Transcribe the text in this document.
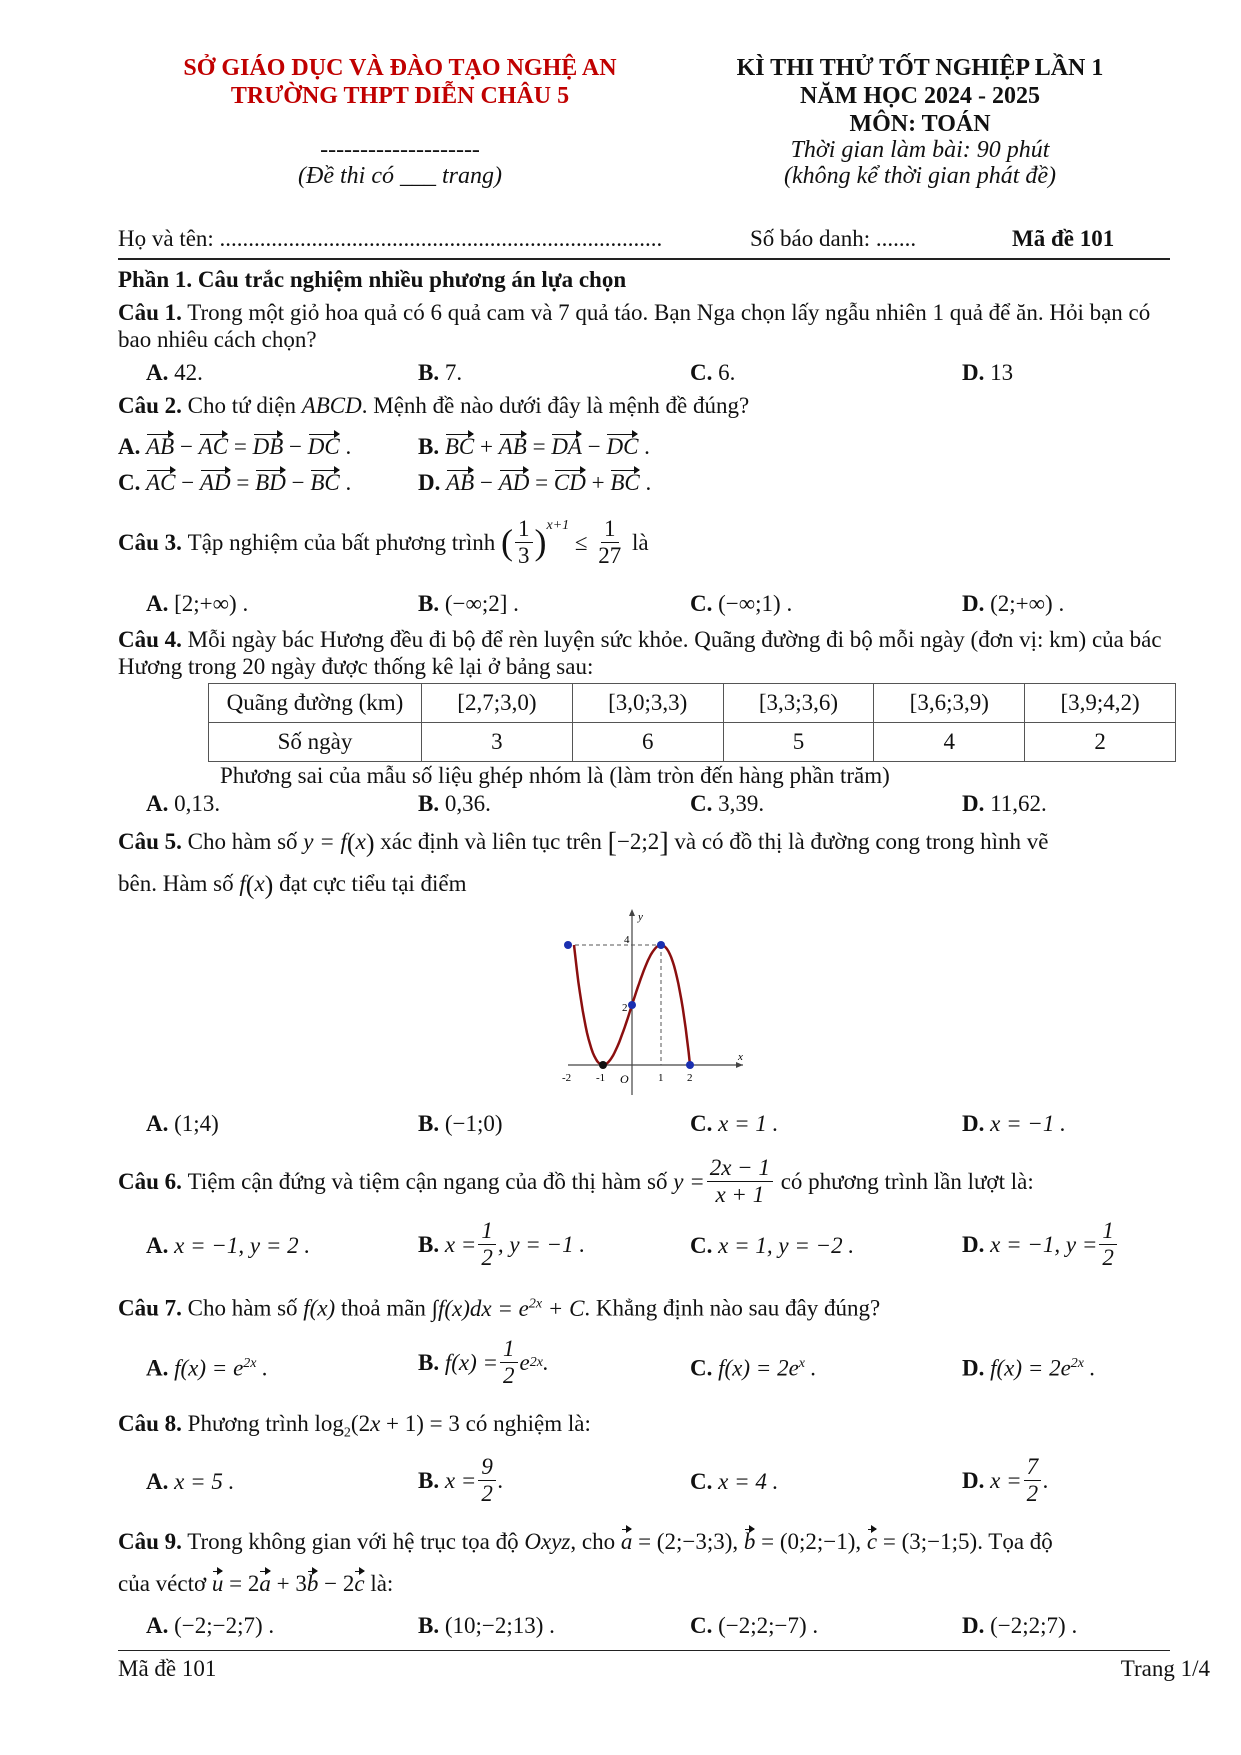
SỞ GIÁO DỤC VÀ ĐÀO TẠO NGHỆ AN
TRƯỜNG THPT DIỄN CHÂU 5
--------------------
(Đề thi có ___ trang)
KÌ THI THỬ TỐT NGHIỆP LẦN 1
NĂM HỌC 2024 - 2025
MÔN: TOÁN
Thời gian làm bài: 90 phút
(không kể thời gian phát đề)
Họ và tên: .............................................................................	Số báo danh: .......	Mã đề 101
Phần 1. Câu trắc nghiệm nhiều phương án lựa chọn
Câu 1. Trong một giỏ hoa quả có 6 quả cam và 7 quả táo. Bạn Nga chọn lấy ngẫu nhiên 1 quả để ăn. Hỏi bạn có bao nhiêu cách chọn?
A. 42.	B. 7.	C. 6.	D. 13
Câu 2. Cho tứ diện ABCD. Mệnh đề nào dưới đây là mệnh đề đúng?
A. AB − AC = DB − DC .	B. BC + AB = DA − DC .
C. AC − AD = BD − BC .	D. AB − AD = CD + BC .
Câu 3.
Tập nghiệm của bất phương trình
( $\frac{1}{3} )^{x+1}$
≤ $\frac{1}{27}$
là
A. [2;+∞) .	B. (−∞;2] .	C. (−∞;1) .	D. (2;+∞) .
Câu 4. Mỗi ngày bác Hương đều đi bộ để rèn luyện sức khỏe. Quãng đường đi bộ mỗi ngày (đơn vị: km) của bác Hương trong 20 ngày được thống kê lại ở bảng sau:
Quãng đường (km)	[2,7;3,0)	[3,0;3,3)	[3,3;3,6)	[3,6;3,9)	[3,9;4,2)
Số ngày	3	6	5	4	2
Phương sai của mẫu số liệu ghép nhóm là (làm tròn đến hàng phần trăm)
A. 0,13.	B. 0,36.	C. 3,39.	D. 11,62.
Câu 5. Cho hàm số y = f(x) xác định và liên tục trên [−2;2] và có đồ thị là đường cong trong hình vẽ
bên. Hàm số f(x) đạt cực tiểu tại điểm
-2 -1 O	1 2
4
2
x
y
A. (1;4)	B. (−1;0)	C. x = 1 .	D. x = −1 .
Câu 6.
Tiệm cận đứng và tiệm cận ngang của đồ thị hàm số
$y = \frac{2x - 1}{x + 1}$
có phương trình lần lượt là:
A. x = −1, y = 2 .	B. $x = \frac{1}{2}$ , y = −1 .	C. x = 1, y = −2 .	D. x = −1, $y = \frac{1}{2}$
Câu 7. Cho hàm số f(x) thoả mãn $\int f(x)dx = e^{2x} + C$. Khẳng định nào sau đây đúng?
A. $f(x) = e^{2x}$ .	B. $f(x) = \frac{1}{2}$ e 2x .	C. $f(x) = 2e^x$ .	D. $f(x) = 2e^{2x}$ .
Câu 8. Phương trình $\log_2(2x + 1) = 3$ có nghiệm là:
A. x = 5 .	B. $x = \frac{9}{2}$ .	C. x = 4 .	D. $x = \frac{7}{2}$ .
Câu 9. Trong không gian với hệ trục tọa độ Oxyz, cho a = (2;−3;3), b = (0;2;−1), c = (3;−1;5). Tọa độ
của véctơ u = 2a + 3b − 2c là:
A. (−2;−2;7) .	B. (10;−2;13) .	C. (−2;2;−7) .	D. (−2;2;7) .
Mã đề 101	Trang 1/4
